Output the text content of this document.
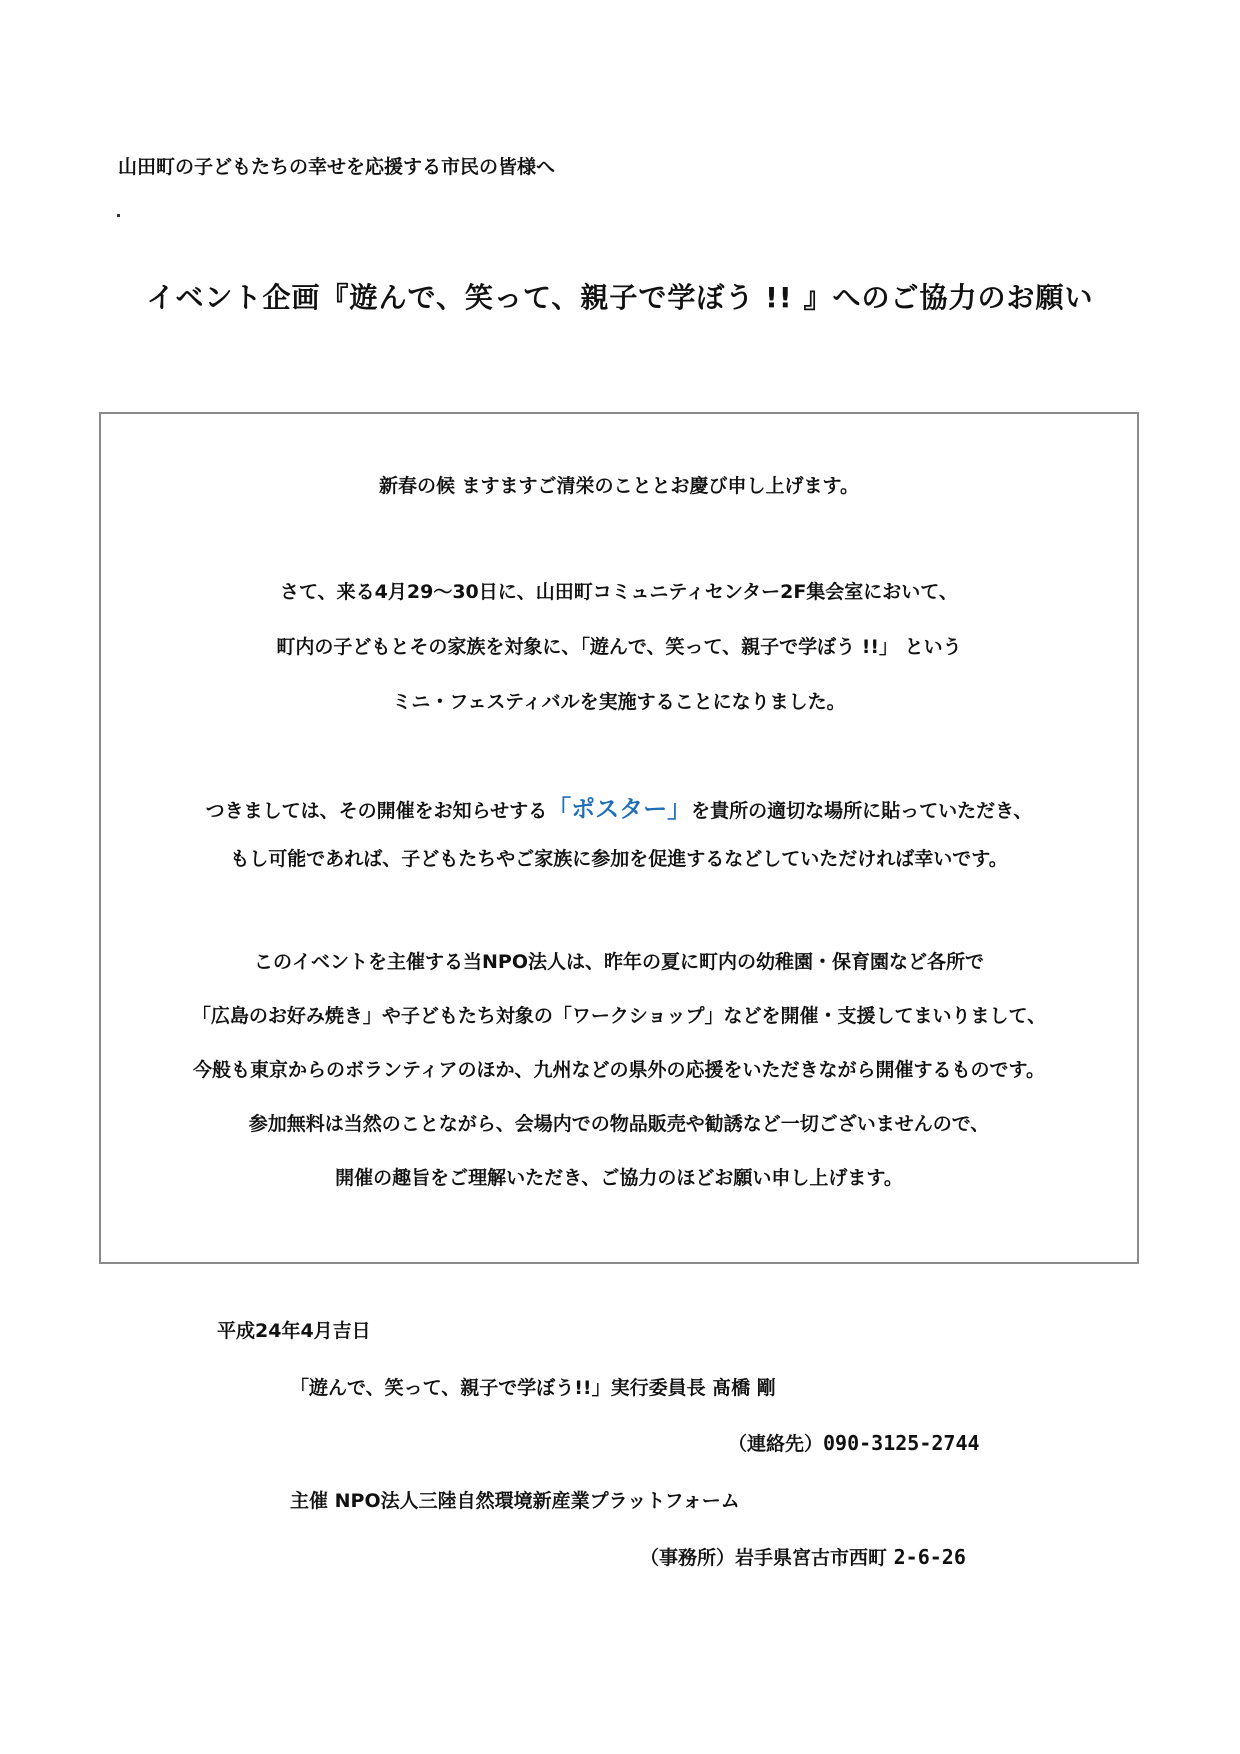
山田町の子どもたちの幸せを応援する市民の皆様へ
イベント企画『遊んで、笑って、親子で学ぼう !! 』へのご協力のお願い
新春の候 ますますご清栄のこととお慶び申し上げます。
さて、来る4月29～30日に、山田町コミュニティセンター2F集会室において、
町内の子どもとその家族を対象に、「遊んで、笑って、親子で学ぼう !!」 という
ミニ・フェスティバルを実施することになりました。
つきましては、その開催をお知らせする「ポスター」を貴所の適切な場所に貼っていただき、
もし可能であれば、子どもたちやご家族に参加を促進するなどしていただければ幸いです。
このイベントを主催する当NPO法人は、昨年の夏に町内の幼稚園・保育園など各所で
「広島のお好み焼き」や子どもたち対象の「ワークショップ」などを開催・支援してまいりまして、
今般も東京からのボランティアのほか、九州などの県外の応援をいただきながら開催するものです。
参加無料は当然のことながら、会場内での物品販売や勧誘など一切ございませんので、
開催の趣旨をご理解いただき、ご協力のほどお願い申し上げます。
平成24年4月吉日
「遊んで、笑って、親子で学ぼう!!」実行委員長 髙橋 剛
（連絡先）090-3125-2744
主催 NPO法人三陸自然環境新産業プラットフォーム
（事務所）岩手県宮古市西町 2-6-26
